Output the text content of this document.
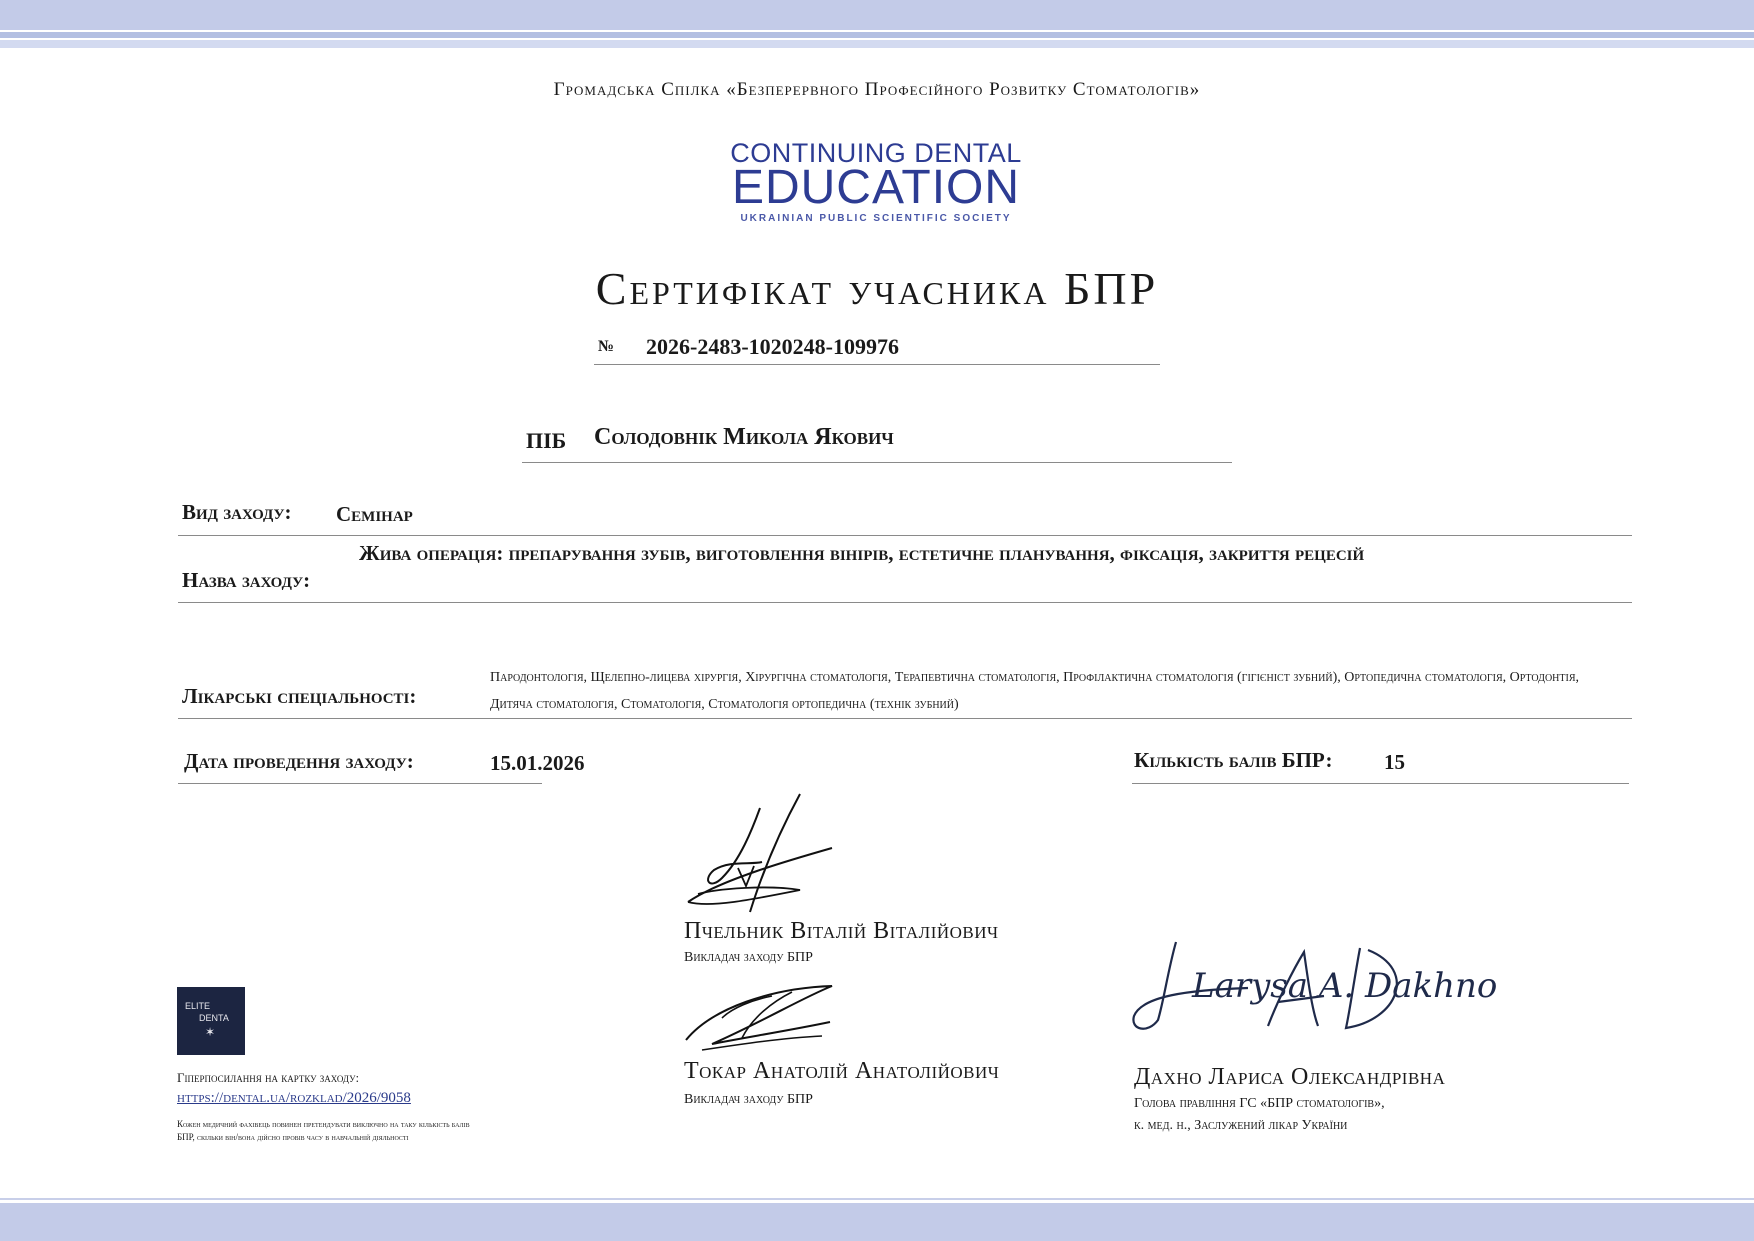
Громадська Спілка «Безперервного Професійного Розвитку Стоматологів»
CONTINUING DENTAL
EDUCATION
UKRAINIAN PUBLIC SCIENTIFIC SOCIETY
Сертифікат учасника БПР
№ 2026-2483-1020248-109976
ПІБ Солодовнік Микола Якович
Вид заходу: Семінар
Назва заходу:
Жива операція: препарування зубів, виготовлення вінірів, естетичне планування, фіксація, закриття рецесій
Лікарські спеціальності:
Пародонтологія, Щелепно-лицева хірургія, Хірургічна стоматологія, Терапевтична стоматологія, Профілактична стоматологія (гігієніст зубний), Ортопедична стоматологія, Ортодонтія, Дитяча стоматологія, Стоматологія, Стоматологія ортопедична (технік зубний)
Дата проведення заходу:	15.01.2026	Кількість балів БПР: 15
Пчельник Віталій Віталійович
Викладач заходу БПР
Токар Анатолій Анатолійович
Викладач заходу БПР
Larysa A. Dakhno
Дахно Лариса Олександрівна
Голова правління ГС «БПР стоматологів»,
к. мед. н., Заслужений лікар України
ELITE
DENTA
✶
Гіперпосилання на картку заходу:
https://dental.ua/rozklad/2026/9058
Кожен медичний фахівець повинен претендувати виключно на таку кількість балів БПР, скільки він/вона дійсно провів часу в навчальній діяльності
